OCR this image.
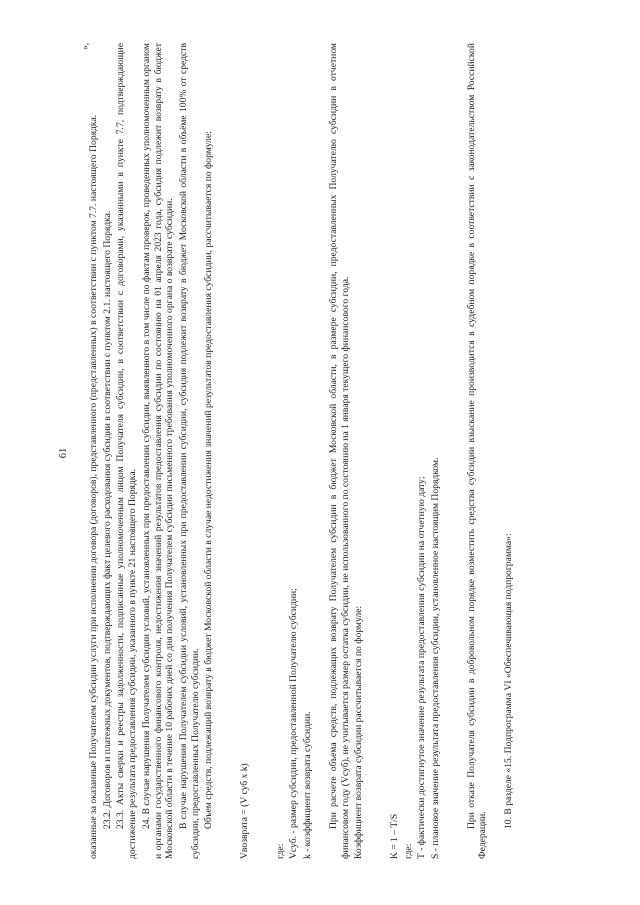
61
»,

оказанные за оказанные Получателем субсидии услуги при исполнении договора (договоров), представленного (представленных) в соответствии с пунктом 7.7. настоящего Порядка. 23.2. Договоров и платежных документов, подтверждающих факт целевого расходования субсидии в соответствии с пунктом 2.1. настоящего Порядка. 23.3. Акты сверки и реестры задолженности, подписанные уполномоченным лицом Получателя субсидии, в соответствии с договорами, указанными в пункте 7.7, подтверждающие достижение результата предоставления субсидии, указанного в пункте 21 настоящего Порядка. 24. В случае нарушения Получателем субсидии условий, установленных при предоставлении субсидии, выявленного в том числе по фактам проверок, проведенных уполномоченным органом и органами государственного финансового контроля, недостижения значений результатов предоставления субсидии по состоянию на 01 апреля 2023 года, субсидия подлежит возврату в бюджет Московской области в течение 10 рабочих дней со дня получения Получателем субсидии письменного требования уполномоченного органа о возврате субсидии. В случае нарушения Получателем субсидии условий, установленных при предоставлении субсидии, субсидия подлежит возврату в бюджет Московской области в объёме 100% от средств субсидии, предоставленных Получателю субсидии. Объем средств, подлежащий возврату в бюджет Московской области в случае недостижения значений результатов предоставления субсидии, рассчитывается по формуле:	Vвозврата = (V суб х k)	где: Vсуб. - размер субсидии, предоставленной Получателю субсидии; k - коэффициент возврата субсидии. При расчете объема средств, подлежащих возврату Получателем субсидии в бюджет Московской области, в размере субсидии, предоставленных Получателю субсидии в отчетном финансовом году (Vсуб), не учитывается размер остатка субсидии, не использованного по состоянию на 1 января текущего финансового года. Коэффициент возврата субсидии рассчитывается по формуле:	K = 1 – T/S где: T - фактически достигнутое значение результата предоставления субсидии на отчетную дату; S - плановое значение результата предоставления субсидии, установленное настоящим Порядком.	При отказе Получателя субсидии в добровольном порядке возместить средства субсидии взыскание производится в судебном порядке в соответствии с законодательством Российской Федерации.

10. В разделе «15. Подпрограмма VI «Обеспечивающая подпрограмма»:
